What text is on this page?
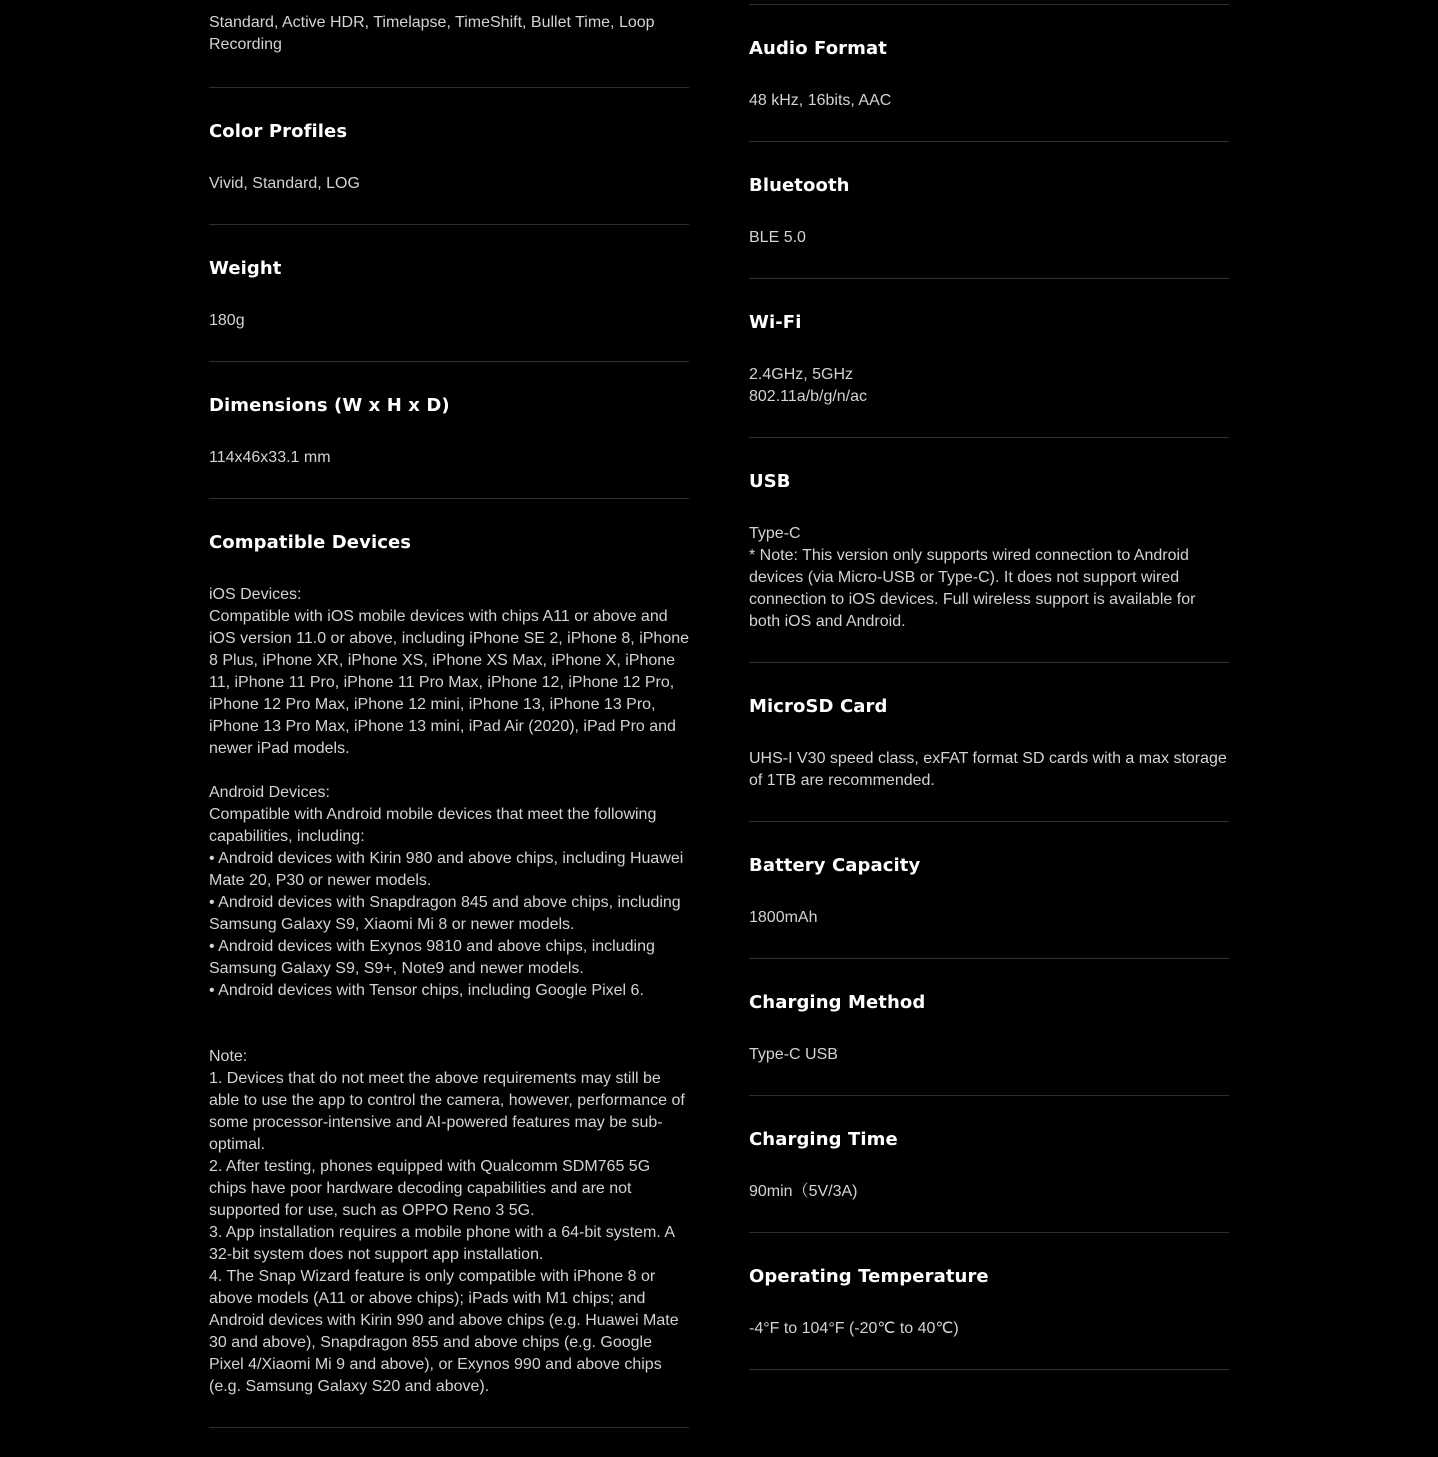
Standard, Active HDR, Timelapse, TimeShift, Bullet Time, Loop Recording

Color Profiles

Vivid, Standard, LOG

Weight

180g

Dimensions (W x H x D)

114x46x33.1 mm

Compatible Devices

iOS Devices:
Compatible with iOS mobile devices with chips A11 or above and iOS version 11.0 or above, including iPhone SE 2, iPhone 8, iPhone 8 Plus, iPhone XR, iPhone XS, iPhone XS Max, iPhone X, iPhone 11, iPhone 11 Pro, iPhone 11 Pro Max, iPhone 12, iPhone 12 Pro, iPhone 12 Pro Max, iPhone 12 mini, iPhone 13, iPhone 13 Pro, iPhone 13 Pro Max, iPhone 13 mini, iPad Air (2020), iPad Pro and newer iPad models.

Android Devices:
Compatible with Android mobile devices that meet the following capabilities, including:
• Android devices with Kirin 980 and above chips, including Huawei Mate 20, P30 or newer models.
• Android devices with Snapdragon 845 and above chips, including Samsung Galaxy S9, Xiaomi Mi 8 or newer models.
• Android devices with Exynos 9810 and above chips, including Samsung Galaxy S9, S9+, Note9 and newer models.
• Android devices with Tensor chips, including Google Pixel 6.

Note:
1. Devices that do not meet the above requirements may still be able to use the app to control the camera, however, performance of some processor-intensive and AI-powered features may be sub-optimal.
2. After testing, phones equipped with Qualcomm SDM765 5G chips have poor hardware decoding capabilities and are not supported for use, such as OPPO Reno 3 5G.
3. App installation requires a mobile phone with a 64-bit system. A 32-bit system does not support app installation.
4. The Snap Wizard feature is only compatible with iPhone 8 or above models (A11 or above chips); iPads with M1 chips; and Android devices with Kirin 990 and above chips (e.g. Huawei Mate 30 and above), Snapdragon 855 and above chips (e.g. Google Pixel 4/Xiaomi Mi 9 and above), or Exynos 990 and above chips (e.g. Samsung Galaxy S20 and above).

Audio Format

48 kHz, 16bits, AAC

Bluetooth

BLE 5.0

Wi-Fi

2.4GHz, 5GHz
802.11a/b/g/n/ac

USB

Type-C
* Note: This version only supports wired connection to Android devices (via Micro-USB or Type-C). It does not support wired connection to iOS devices. Full wireless support is available for both iOS and Android.

MicroSD Card

UHS-I V30 speed class, exFAT format SD cards with a max storage of 1TB are recommended.

Battery Capacity

1800mAh

Charging Method

Type-C USB

Charging Time

90min（5V/3A)

Operating Temperature

-4°F to 104°F (-20℃ to 40℃)
